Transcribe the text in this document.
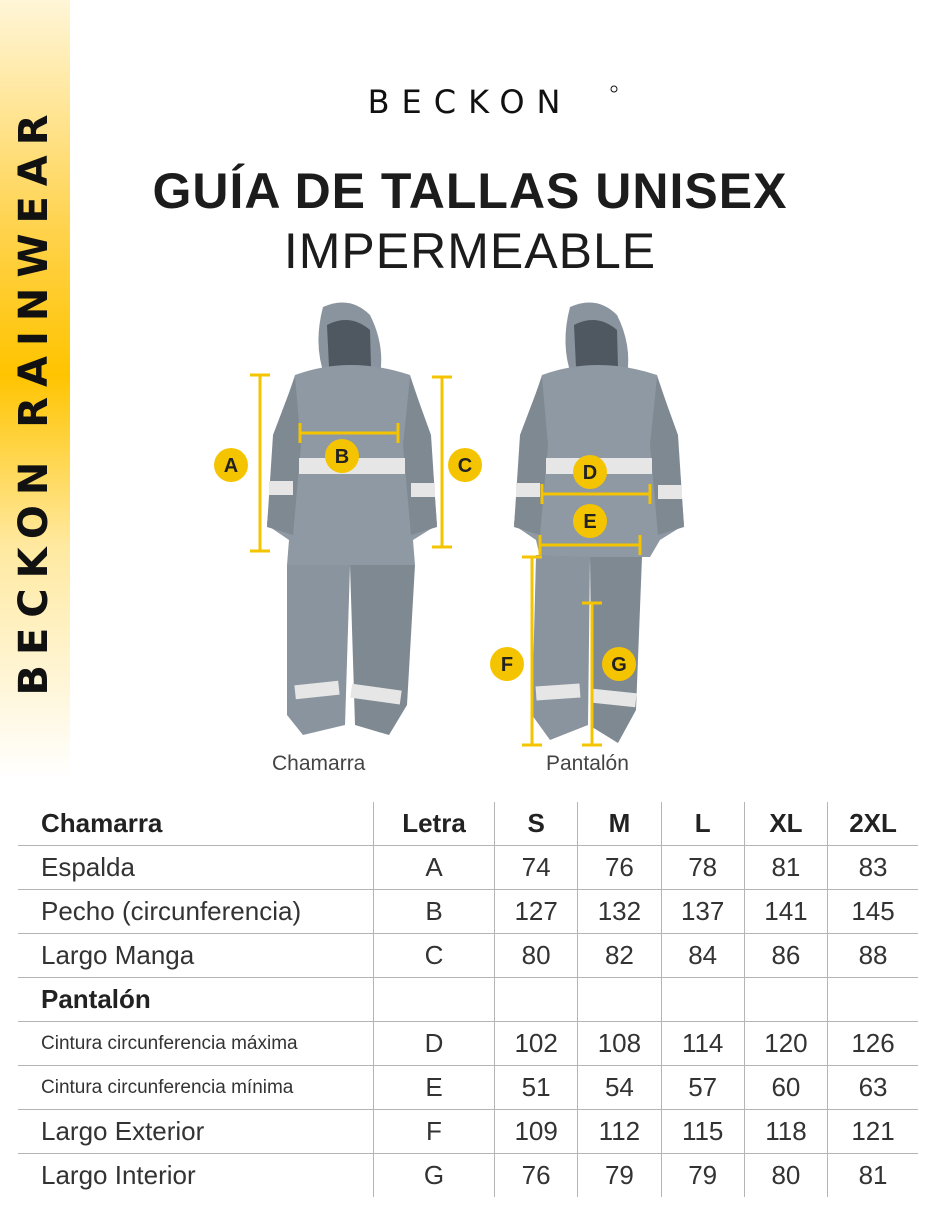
BECKON RAINWEAR
BECKON
GUÍA DE TALLAS UNISEX
IMPERMEABLE
A	B	C
Chamarra
D
E
F	G
Pantalón
Chamarra	Letra	S	M	L	XL	2XL
Espalda	A	74	76	78	81	83
Pecho (circunferencia)	B	127	132	137	141	145
Largo Manga	C	80	82	84	86	88
Pantalón						
Cintura circunferencia máxima	D	102	108	114	120	126
Cintura circunferencia mínima	E	51	54	57	60	63
Largo Exterior	F	109	112	115	118	121
Largo Interior	G	76	79	79	80	81
